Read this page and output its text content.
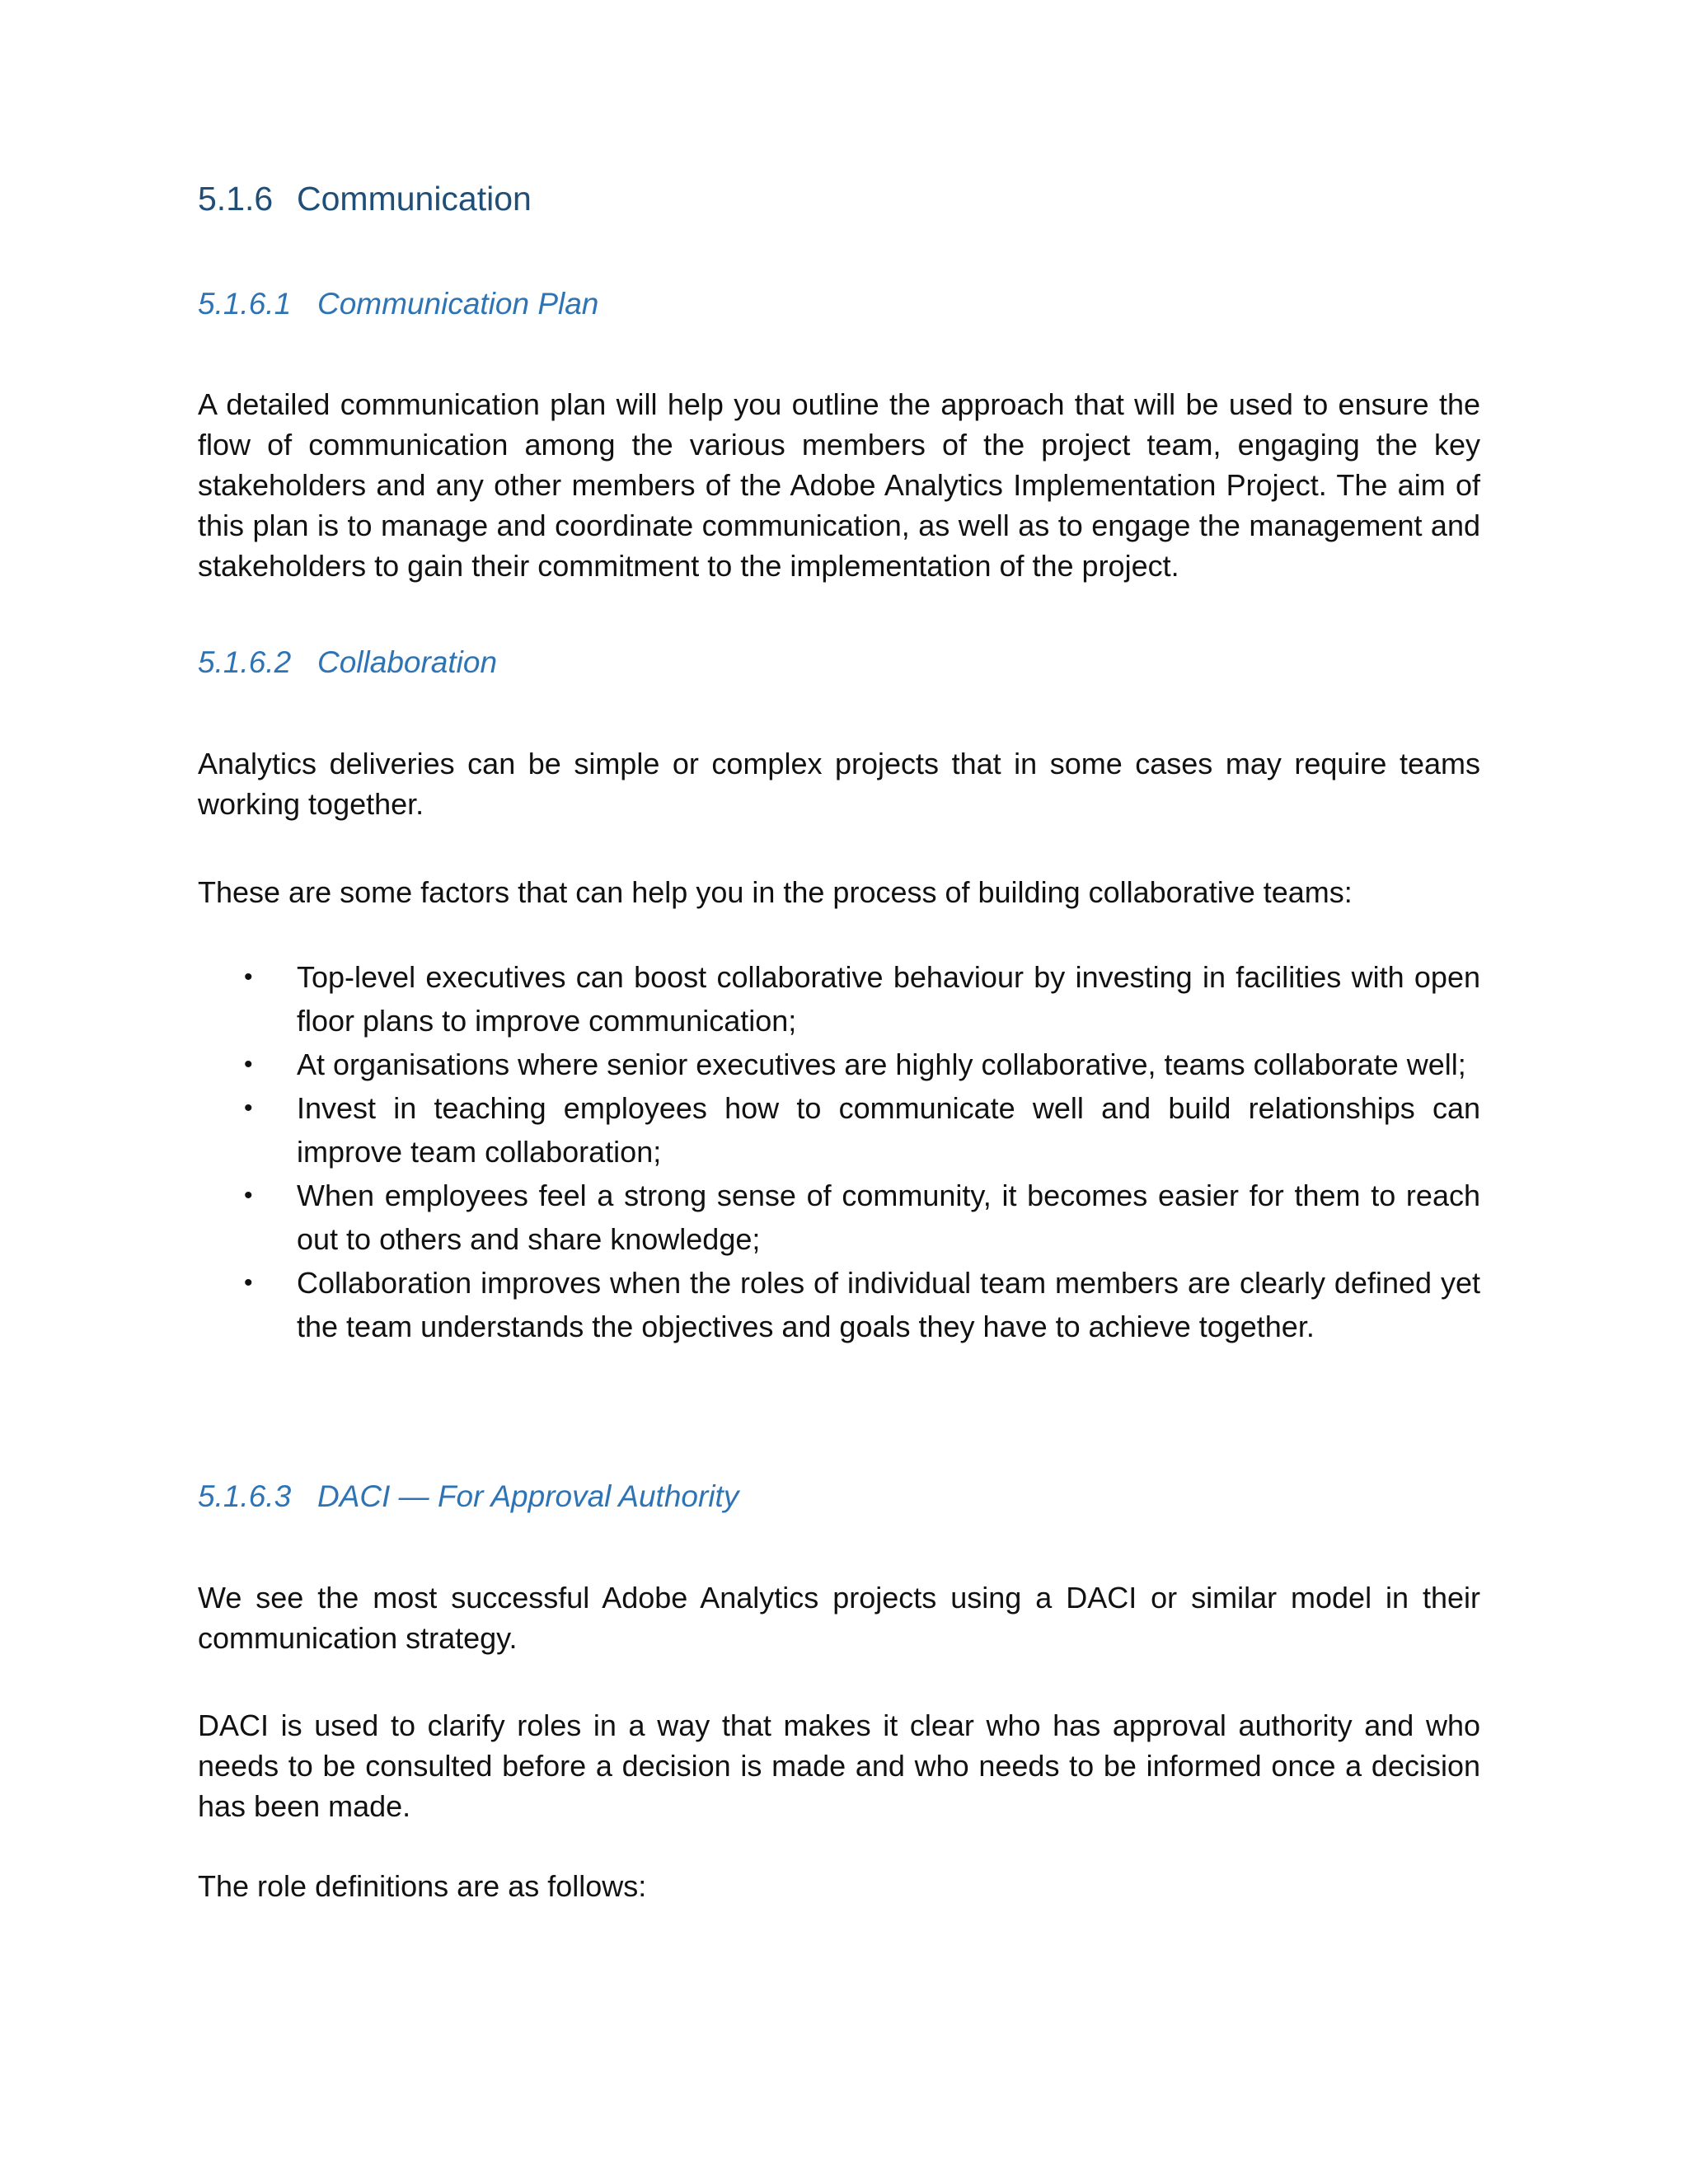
5.1.6 Communication
5.1.6.1 Communication Plan

A detailed communication plan will help you outline the approach that will be used to ensure the flow of communication among the various members of the project team, engaging the key stakeholders and any other members of the Adobe Analytics Implementation Project. The aim of this plan is to manage and coordinate communication, as well as to engage the management and stakeholders to gain their commitment to the implementation of the project.

5.1.6.2 Collaboration

Analytics deliveries can be simple or complex projects that in some cases may require teams working together.

These are some factors that can help you in the process of building collaborative teams:

• Top-level executives can boost collaborative behaviour by investing in facilities with open floor plans to improve communication;
• At organisations where senior executives are highly collaborative, teams collaborate well;
• Invest in teaching employees how to communicate well and build relationships can improve team collaboration;
• When employees feel a strong sense of community, it becomes easier for them to reach out to others and share knowledge;
• Collaboration improves when the roles of individual team members are clearly defined yet the team understands the objectives and goals they have to achieve together.
5.1.6.3 DACI — For Approval Authority

We see the most successful Adobe Analytics projects using a DACI or similar model in their communication strategy.

DACI is used to clarify roles in a way that makes it clear who has approval authority and who needs to be consulted before a decision is made and who needs to be informed once a decision has been made.

The role definitions are as follows:
